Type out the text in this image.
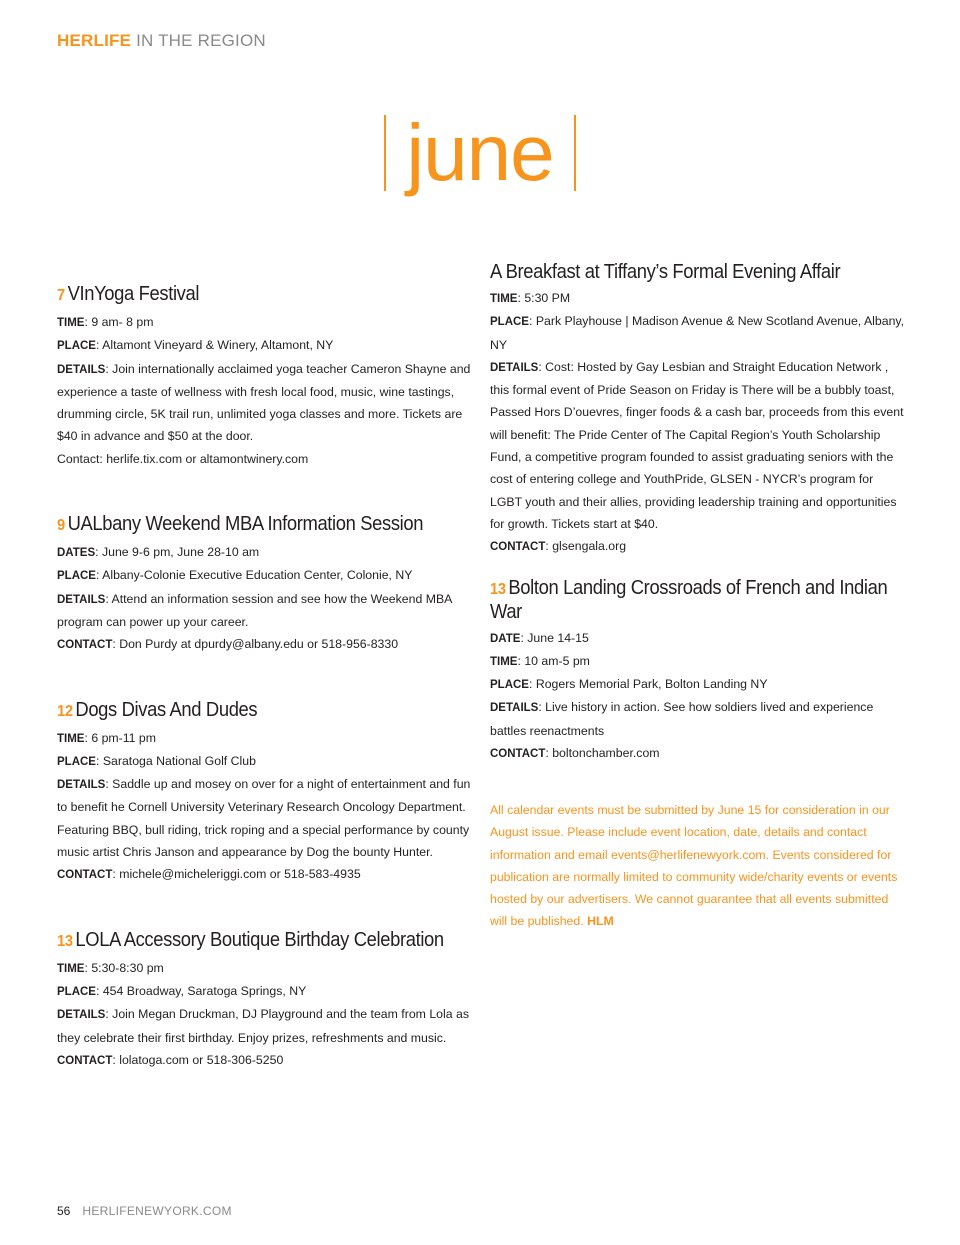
HERLIFE IN THE REGION
june
7 VInYoga Festival

TIME: 9 am- 8 pm

PLACE: Altamont Vineyard & Winery, Altamont, NY

DETAILS: Join internationally acclaimed yoga teacher Cameron Shayne and experience a taste of wellness with fresh local food, music, wine tastings, drumming circle, 5K trail run, unlimited yoga classes and more. Tickets are $40 in advance and $50 at the door.

Contact: herlife.tix.com or altamontwinery.com

9 UALbany Weekend MBA Information Session

DATES: June 9-6 pm, June 28-10 am

PLACE: Albany-Colonie Executive Education Center, Colonie, NY

DETAILS: Attend an information session and see how the Weekend MBA program can power up your career.

CONTACT: Don Purdy at dpurdy@albany.edu or 518-956-8330

12 Dogs Divas And Dudes

TIME: 6 pm-11 pm

PLACE: Saratoga National Golf Club

DETAILS: Saddle up and mosey on over for a night of entertainment and fun to benefit he Cornell University Veterinary Research Oncology Department. Featuring BBQ, bull riding, trick roping and a special performance by county music artist Chris Janson and appearance by Dog the bounty Hunter.

CONTACT: michele@micheleriggi.com or 518-583-4935

13 LOLA Accessory Boutique Birthday Celebration

TIME: 5:30-8:30 pm

PLACE: 454 Broadway, Saratoga Springs, NY

DETAILS: Join Megan Druckman, DJ Playground and the team from Lola as they celebrate their first birthday. Enjoy prizes, refreshments and music.

CONTACT: lolatoga.com or 518-306-5250

A Breakfast at Tiffany’s Formal Evening Affair

TIME: 5:30 PM

PLACE: Park Playhouse | Madison Avenue & New Scotland Avenue, Albany, NY

DETAILS: Cost: Hosted by Gay Lesbian and Straight Education Network , this formal event of Pride Season on Friday is There will be a bubbly toast, Passed Hors D’ouevres, finger foods & a cash bar, proceeds from this event will benefit: The Pride Center of The Capital Region’s Youth Scholarship Fund, a competitive program founded to assist graduating seniors with the cost of entering college and YouthPride, GLSEN - NYCR’s program for LGBT youth and their allies, providing leadership training and opportunities for growth. Tickets start at $40.

CONTACT: glsengala.org

13 Bolton Landing Crossroads of French and Indian War

DATE: June 14-15

TIME: 10 am-5 pm

PLACE: Rogers Memorial Park, Bolton Landing NY

DETAILS: Live history in action. See how soldiers lived and experience battles reenactments

CONTACT: boltonchamber.com

All calendar events must be submitted by June 15 for consideration in our August issue. Please include event location, date, details and contact information and email events@herlifenewyork.com. Events considered for publication are normally limited to community wide/charity events or events hosted by our advertisers. We cannot guarantee that all events submitted will be published. HLM
56 HERLIFENEWYORK.COM
